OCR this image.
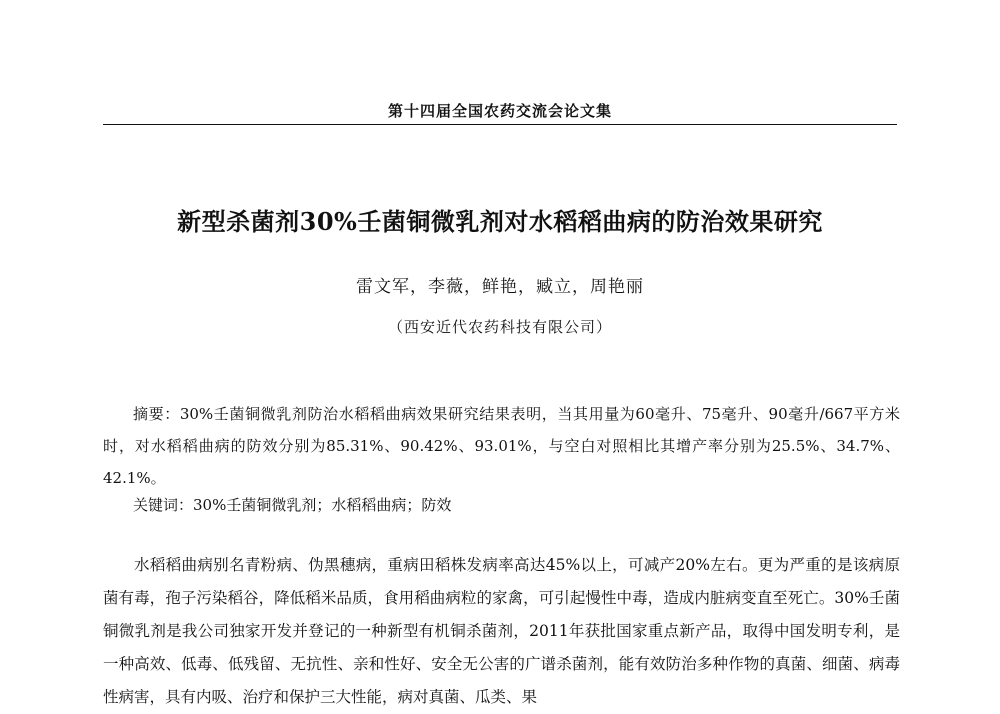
第十四届全国农药交流会论文集
新型杀菌剂30%壬菌铜微乳剂对水稻稻曲病的防治效果研究
雷文军，李薇，鲜艳，臧立，周艳丽
（西安近代农药科技有限公司）
摘要：30%壬菌铜微乳剂防治水稻稻曲病效果研究结果表明，当其用量为60毫升、75毫升、90毫升/667平方米时，对水稻稻曲病的防效分别为85.31%、90.42%、93.01%，与空白对照相比其增产率分别为25.5%、34.7%、42.1%。
关键词：30%壬菌铜微乳剂；水稻稻曲病；防效
水稻稻曲病别名青粉病、伪黑穗病，重病田稻株发病率高达45%以上，可减产20%左右。更为严重的是该病原菌有毒，孢子污染稻谷，降低稻米品质，食用稻曲病粒的家禽，可引起慢性中毒，造成内脏病变直至死亡。30%壬菌铜微乳剂是我公司独家开发并登记的一种新型有机铜杀菌剂，2011年获批国家重点新产品，取得中国发明专利，是一种高效、低毒、低残留、无抗性、亲和性好、安全无公害的广谱杀菌剂，能有效防治多种作物的真菌、细菌、病毒性病害，具有内吸、治疗和保护三大性能，病对真菌、瓜类、果
